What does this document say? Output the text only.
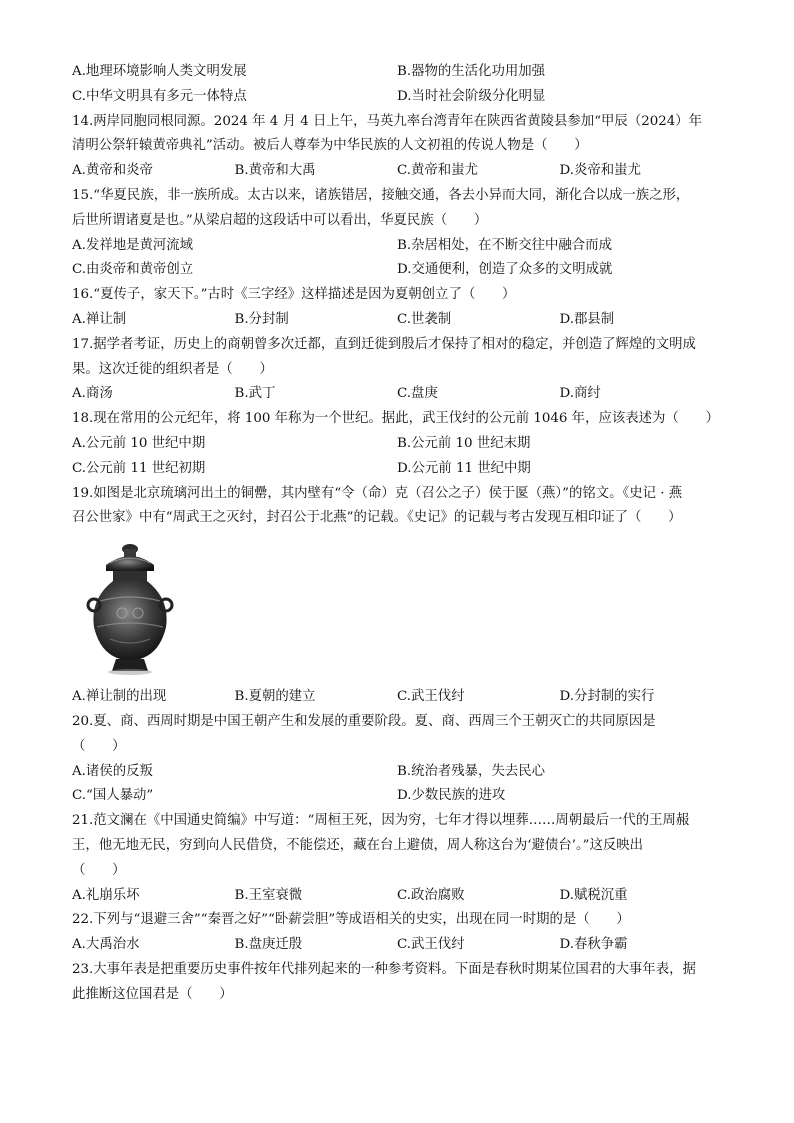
A.地理环境影响人类文明发展	B.器物的生活化功用加强
C.中华文明具有多元一体特点	D.当时社会阶级分化明显
14.两岸同胞同根同源。2024 年 4 月 4 日上午，马英九率台湾青年在陕西省黄陵县参加“甲辰（2024）年
清明公祭轩辕黄帝典礼”活动。被后人尊奉为中华民族的人文初祖的传说人物是（　　）
A.黄帝和炎帝	B.黄帝和大禹	C.黄帝和蚩尤	D.炎帝和蚩尤
15.“华夏民族，非一族所成。太古以来，诸族错居，接触交通，各去小异而大同，渐化合以成一族之形，
后世所谓诸夏是也。”从梁启超的这段话中可以看出，华夏民族（　　）
A.发祥地是黄河流域	B.杂居相处，在不断交往中融合而成
C.由炎帝和黄帝创立	D.交通便利，创造了众多的文明成就
16.“夏传子，家天下。”古时《三字经》这样描述是因为夏朝创立了（　　）
A.禅让制	B.分封制	C.世袭制	D.郡县制
17.据学者考证，历史上的商朝曾多次迁都，直到迁徙到殷后才保持了相对的稳定，并创造了辉煌的文明成
果。这次迁徙的组织者是（　　）
A.商汤	B.武丁	C.盘庚	D.商纣
18.现在常用的公元纪年，将 100 年称为一个世纪。据此，武王伐纣的公元前 1046 年，应该表述为（　　）
A.公元前 10 世纪中期	B.公元前 10 世纪末期
C.公元前 11 世纪初期	D.公元前 11 世纪中期
19.如图是北京琉璃河出土的铜罍，其内壁有“令（命）克（召公之子）侯于匽（燕）”的铭文。《史记 · 燕
召公世家》中有“周武王之灭纣，封召公于北燕”的记载。《史记》的记载与考古发现互相印证了（　　）
A.禅让制的出现	B.夏朝的建立	C.武王伐纣	D.分封制的实行
20.夏、商、西周时期是中国王朝产生和发展的重要阶段。夏、商、西周三个王朝灭亡的共同原因是
（　　）
A.诸侯的反叛	B.统治者残暴，失去民心
C.“国人暴动”	D.少数民族的进攻
21.范文澜在《中国通史简编》中写道：“周桓王死，因为穷，七年才得以埋葬……周朝最后一代的王周赧
王，他无地无民，穷到向人民借贷，不能偿还，藏在台上避债，周人称这台为‘避债台’。”这反映出
（　　）
A.礼崩乐坏	B.王室衰微	C.政治腐败	D.赋税沉重
22.下列与“退避三舍”“秦晋之好”“卧薪尝胆”等成语相关的史实，出现在同一时期的是（　　）
A.大禹治水	B.盘庚迁殷	C.武王伐纣	D.春秋争霸
23.大事年表是把重要历史事件按年代排列起来的一种参考资料。下面是春秋时期某位国君的大事年表，据
此推断这位国君是（　　）
